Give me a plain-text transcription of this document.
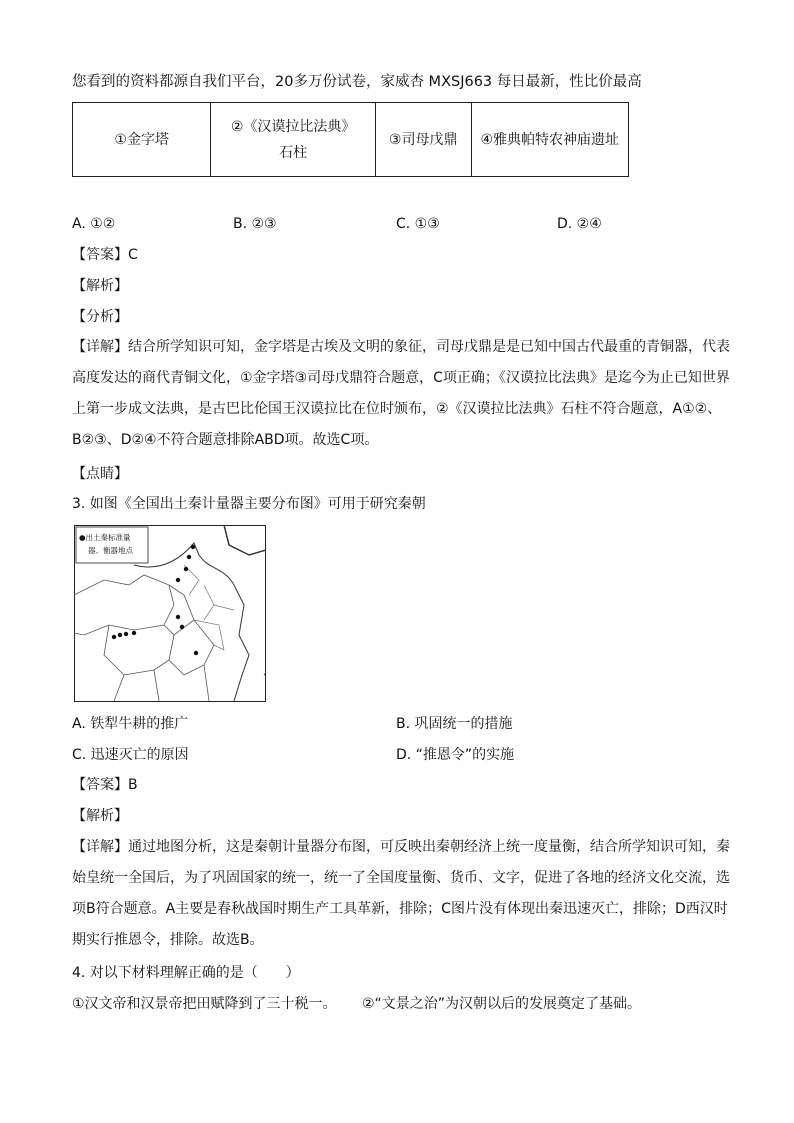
您看到的资料都源自我们平台，20多万份试卷，家威杏 MXSJ663 每日最新，性比价最高
①金字塔	②《汉谟拉比法典》石柱	③司母戊鼎	④雅典帕特农神庙遗址
A. ①②	B. ②③	C. ①③	D. ②④
【答案】C
【解析】
【分析】
【详解】结合所学知识可知，金字塔是古埃及文明的象征，司母戊鼎是是已知中国古代最重的青铜器，代表高度发达的商代青铜文化，①金字塔③司母戊鼎符合题意，C项正确；《汉谟拉比法典》是迄今为止已知世界上第一步成文法典，是古巴比伦国王汉谟拉比在位时颁布，②《汉谟拉比法典》石柱不符合题意，A①②、B②③、D②④不符合题意排除ABD项。故选C项。
【点睛】
3. 如图《全国出土秦计量器主要分布图》可用于研究秦朝
●出土秦标准量
器、衡器地点
A. 铁犁牛耕的推广	B. 巩固统一的措施
C. 迅速灭亡的原因	D. “推恩令”的实施
【答案】B
【解析】
【详解】通过地图分析，这是秦朝计量器分布图，可反映出秦朝经济上统一度量衡，结合所学知识可知，秦始皇统一全国后，为了巩固国家的统一，统一了全国度量衡、货币、文字，促进了各地的经济文化交流，选项B符合题意。A主要是春秋战国时期生产工具革新，排除；C图片没有体现出秦迅速灭亡，排除；D西汉时期实行推恩令，排除。故选B。
4. 对以下材料理解正确的是（　　）
①汉文帝和汉景帝把田赋降到了三十税一。 ②“文景之治”为汉朝以后的发展奠定了基础。
